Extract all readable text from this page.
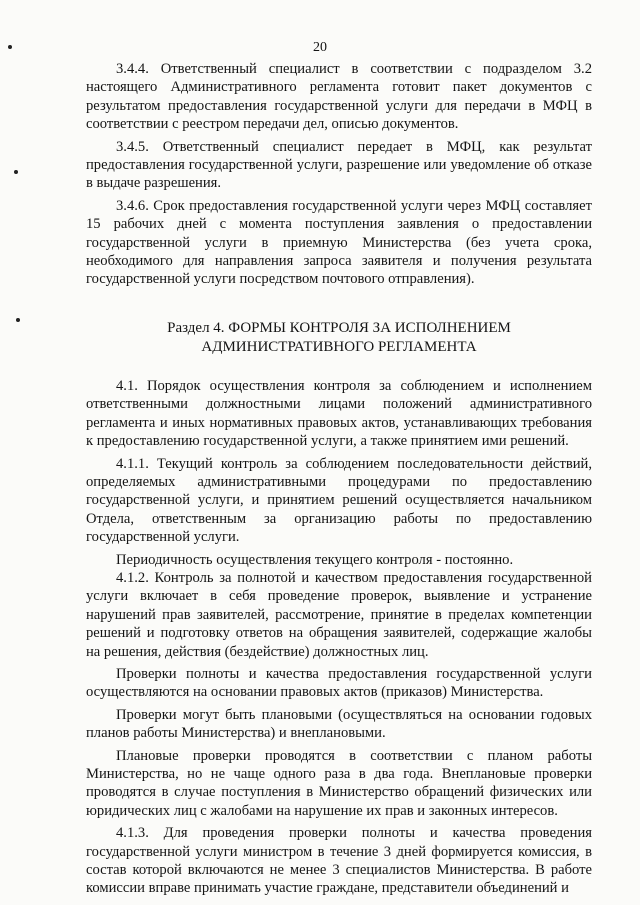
20

3.4.4. Ответственный специалист в соответствии с подразделом 3.2 настоящего Административного регламента готовит пакет документов с результатом предоставления государственной услуги для передачи в МФЦ в соответствии с реестром передачи дел, описью документов.

3.4.5. Ответственный специалист передает в МФЦ, как результат предоставления государственной услуги, разрешение или уведомление об отказе в выдаче разрешения.

3.4.6. Срок предоставления государственной услуги через МФЦ составляет 15 рабочих дней с момента поступления заявления о предоставлении государственной услуги в приемную Министерства (без учета срока, необходимого для направления запроса заявителя и получения результата государственной услуги посредством почтового отправления).

Раздел 4. ФОРМЫ КОНТРОЛЯ ЗА ИСПОЛНЕНИЕМ
АДМИНИСТРАТИВНОГО РЕГЛАМЕНТА

4.1. Порядок осуществления контроля за соблюдением и исполнением ответственными должностными лицами положений административного регламента и иных нормативных правовых актов, устанавливающих требования к предоставлению государственной услуги, а также принятием ими решений.

4.1.1. Текущий контроль за соблюдением последовательности действий, определяемых административными процедурами по предоставлению государственной услуги, и принятием решений осуществляется начальником Отдела, ответственным за организацию работы по предоставлению государственной услуги.

Периодичность осуществления текущего контроля - постоянно.

4.1.2. Контроль за полнотой и качеством предоставления государственной услуги включает в себя проведение проверок, выявление и устранение нарушений прав заявителей, рассмотрение, принятие в пределах компетенции решений и подготовку ответов на обращения заявителей, содержащие жалобы на решения, действия (бездействие) должностных лиц.

Проверки полноты и качества предоставления государственной услуги осуществляются на основании правовых актов (приказов) Министерства.

Проверки могут быть плановыми (осуществляться на основании годовых планов работы Министерства) и внеплановыми.

Плановые проверки проводятся в соответствии с планом работы Министерства, но не чаще одного раза в два года. Внеплановые проверки проводятся в случае поступления в Министерство обращений физических или юридических лиц с жалобами на нарушение их прав и законных интересов.

4.1.3. Для проведения проверки полноты и качества проведения государственной услуги министром в течение 3 дней формируется комиссия, в состав которой включаются не менее 3 специалистов Министерства. В работе комиссии вправе принимать участие граждане, представители объединений и
